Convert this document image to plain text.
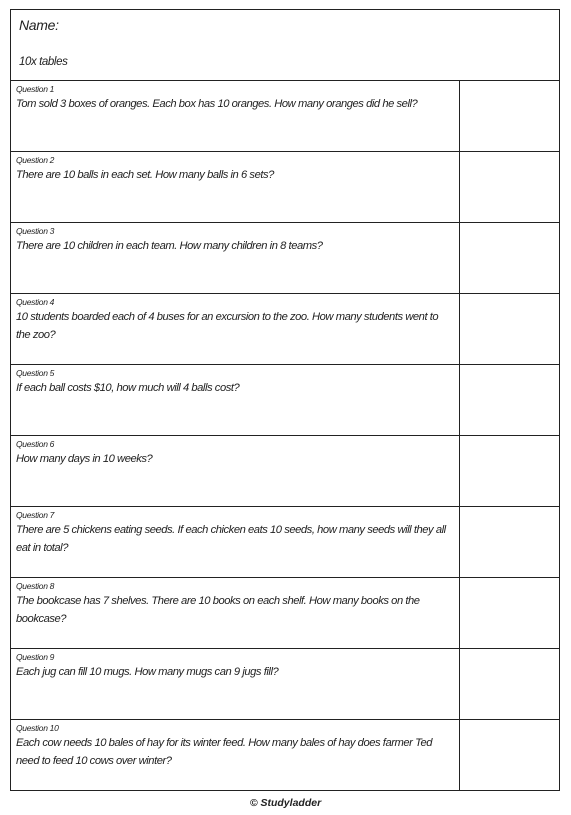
Name:
10x tables
Question 1
Tom sold 3 boxes of oranges. Each box has 10 oranges. How many oranges did he sell?
Question 2
There are 10 balls in each set. How many balls in 6 sets?
Question 3
There are 10 children in each team. How many children in 8 teams?
Question 4
10 students boarded each of 4 buses for an excursion to the zoo. How many students went to the zoo?
Question 5
If each ball costs $10, how much will 4 balls cost?
Question 6
How many days in 10 weeks?
Question 7
There are 5 chickens eating seeds. If each chicken eats 10 seeds, how many seeds will they all eat in total?
Question 8
The bookcase has 7 shelves. There are 10 books on each shelf. How many books on the bookcase?
Question 9
Each jug can fill 10 mugs. How many mugs can 9 jugs fill?
Question 10
Each cow needs 10 bales of hay for its winter feed. How many bales of hay does farmer Ted need to feed 10 cows over winter?
© Studyladder
